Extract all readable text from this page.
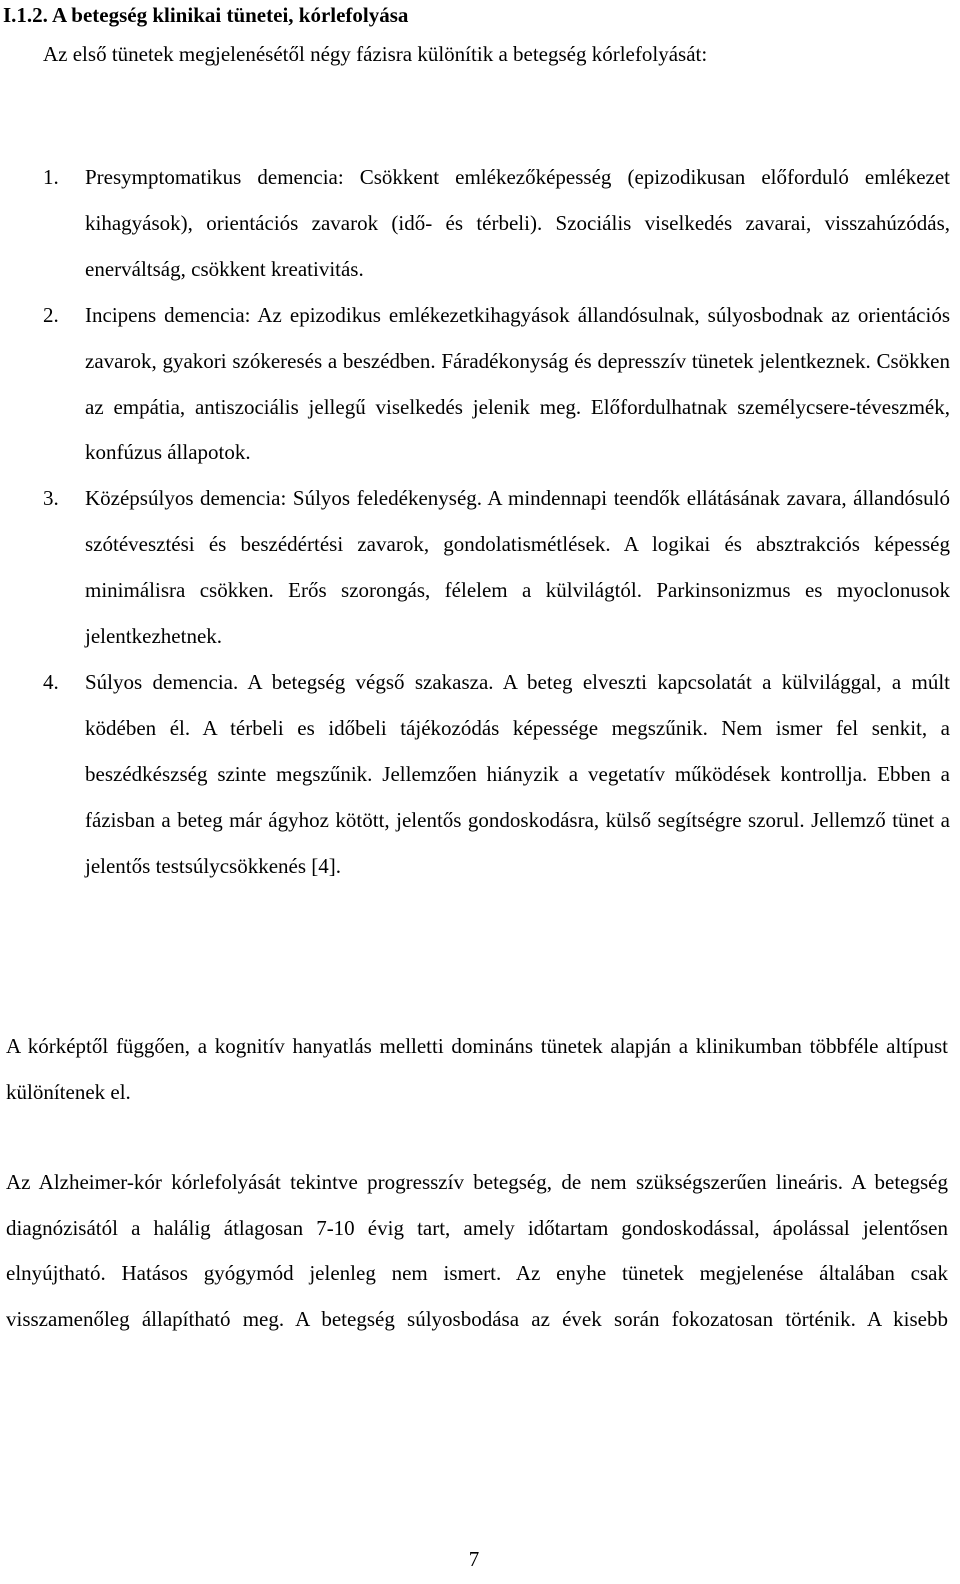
I.1.2. A betegség klinikai tünetei, kórlefolyása
Az első tünetek megjelenésétől négy fázisra különítik a betegség kórlefolyását:
1. Presymptomatikus demencia: Csökkent emlékezőképesség (epizodikusan előforduló emlékezet kihagyások), orientációs zavarok (idő- és térbeli). Szociális viselkedés zavarai, visszahúzódás, enerváltság, csökkent kreativitás.
2. Incipens demencia: Az epizodikus emlékezetkihagyások állandósulnak, súlyosbodnak az orientációs zavarok, gyakori szókeresés a beszédben. Fáradékonyság és depresszív tünetek jelentkeznek. Csökken az empátia, antiszociális jellegű viselkedés jelenik meg. Előfordulhatnak személycsere-téveszmék, konfúzus állapotok.
3. Középsúlyos demencia: Súlyos feledékenység. A mindennapi teendők ellátásának zavara, állandósuló szótévesztési és beszédértési zavarok, gondolatismétlések. A logikai és absztrakciós képesség minimálisra csökken. Erős szorongás, félelem a külvilágtól. Parkinsonizmus es myoclonusok jelentkezhetnek.
4. Súlyos demencia. A betegség végső szakasza. A beteg elveszti kapcsolatát a külvilággal, a múlt ködében él. A térbeli es időbeli tájékozódás képessége megszűnik. Nem ismer fel senkit, a beszédkészség szinte megszűnik. Jellemzően hiányzik a vegetatív működések kontrollja. Ebben a fázisban a beteg már ágyhoz kötött, jelentős gondoskodásra, külső segítségre szorul. Jellemző tünet a jelentős testsúlycsökkenés [4].

A kórképtől függően, a kognitív hanyatlás melletti domináns tünetek alapján a klinikumban többféle altípust különítenek el.

Az Alzheimer-kór kórlefolyását tekintve progresszív betegség, de nem szükségszerűen lineáris. A betegség diagnózisától a halálig átlagosan 7-10 évig tart, amely időtartam gondoskodással, ápolással jelentősen elnyújtható. Hatásos gyógymód jelenleg nem ismert. Az enyhe tünetek megjelenése általában csak visszamenőleg állapítható meg. A betegség súlyosbodása az évek során fokozatosan történik. A kisebb

7
